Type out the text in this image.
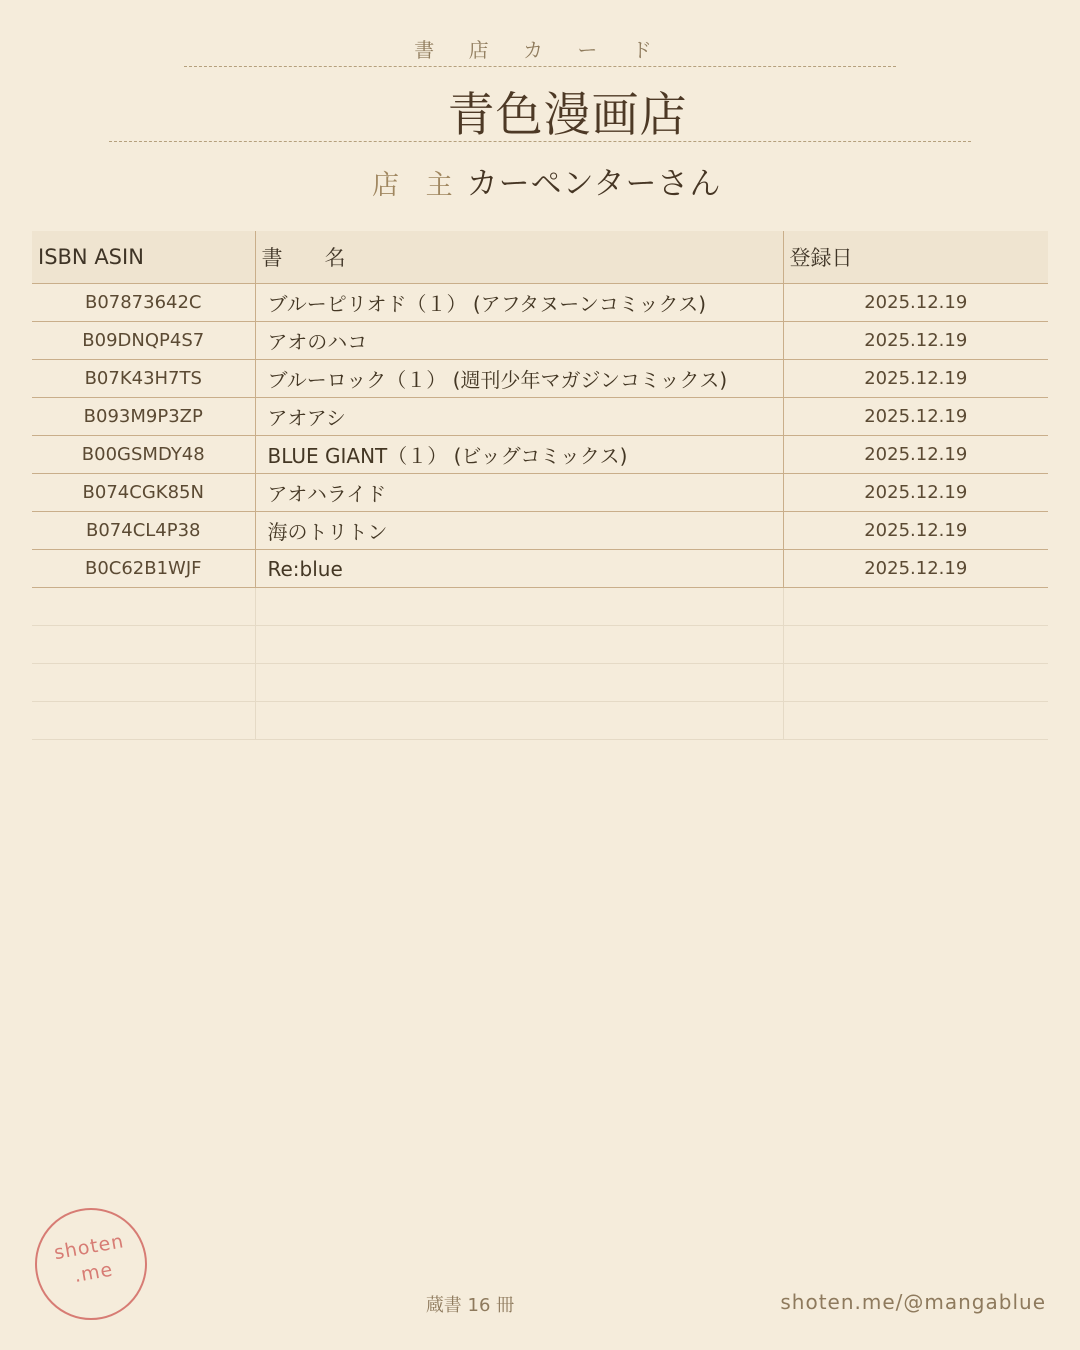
書 店 カ ー ド
青色漫画店
店 主 カーペンターさん
ISBN ASIN	書　　名	登録日
B07873642C	ブルーピリオド（１） (アフタヌーンコミックス)	2025.12.19
B09DNQP4S7	アオのハコ	2025.12.19
B07K43H7TS	ブルーロック（１） (週刊少年マガジンコミックス)	2025.12.19
B093M9P3ZP	アオアシ	2025.12.19
B00GSMDY48	BLUE GIANT（１） (ビッグコミックス)	2025.12.19
B074CGK85N	アオハライド	2025.12.19
B074CL4P38	海のトリトン	2025.12.19
B0C62B1WJF	Re:blue	2025.12.19

shoten
.me
蔵書 16 冊	shoten.me/@mangablue
